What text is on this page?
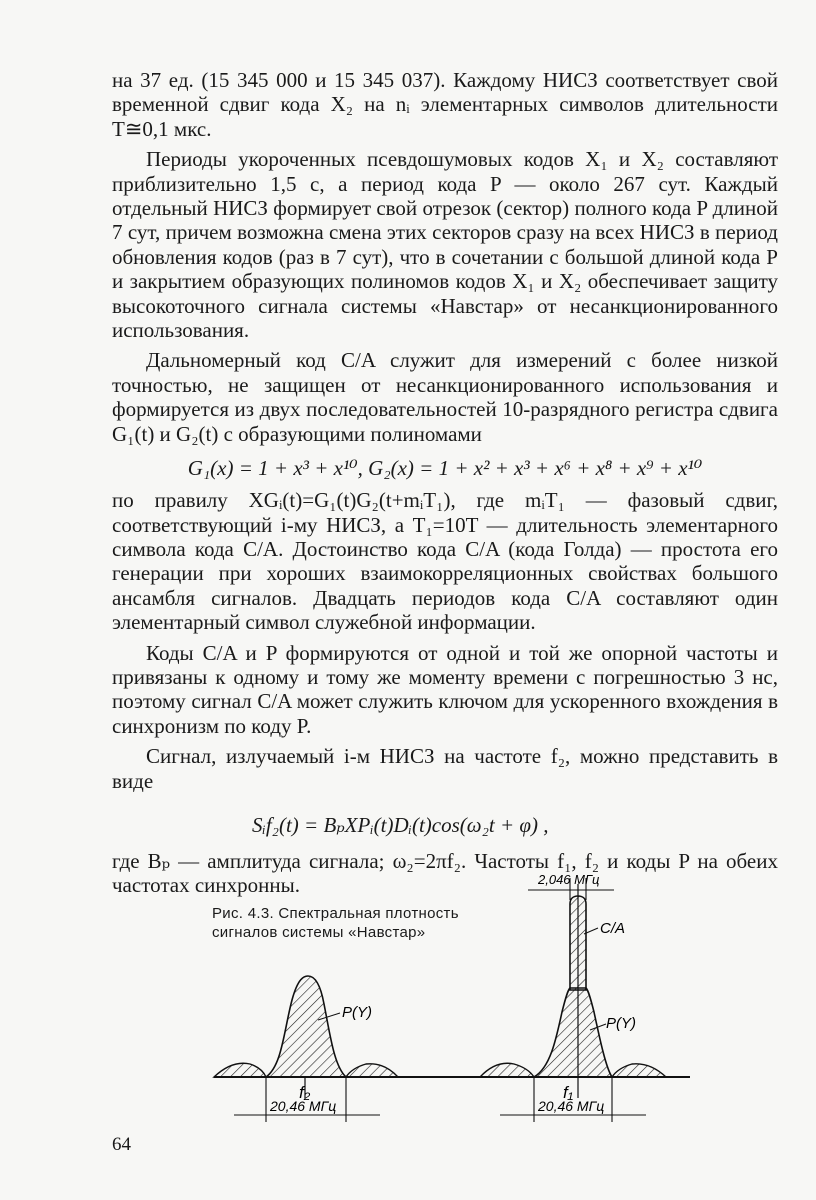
на 37 ед. (15 345 000 и 15 345 037). Каждому НИСЗ соответствует свой временной сдвиг кода X₂ на nᵢ элементарных символов длительности T≅0,1 мкс.

Периоды укороченных псевдошумовых кодов X₁ и X₂ составляют приблизительно 1,5 с, а период кода P — около 267 сут. Каждый отдельный НИСЗ формирует свой отрезок (сектор) полного кода P длиной 7 сут, причем возможна смена этих секторов сразу на всех НИСЗ в период обновления кодов (раз в 7 сут), что в сочетании с большой длиной кода P и закрытием образующих полиномов кодов X₁ и X₂ обеспечивает защиту высокоточного сигнала системы «Навстар» от несанкционированного использования.

Дальномерный код C/A служит для измерений с более низкой точностью, не защищен от несанкционированного использования и формируется из двух последовательностей 10-разрядного регистра сдвига G₁(t) и G₂(t) с образующими полиномами

G₁(x) = 1 + x³ + x¹⁰, G₂(x) = 1 + x² + x³ + x⁶ + x⁸ + x⁹ + x¹⁰

по правилу XGᵢ(t)=G₁(t)G₂(t+mᵢT₁), где mᵢT₁ — фазовый сдвиг, соответствующий i-му НИСЗ, а T₁=10T — длительность элементарного символа кода C/A. Достоинство кода C/A (кода Голда) — простота его генерации при хороших взаимокорреляционных свойствах большого ансамбля сигналов. Двадцать периодов кода C/A составляют один элементарный символ служебной информации.

Коды C/A и P формируются от одной и той же опорной частоты и привязаны к одному и тому же моменту времени с погрешностью 3 нс, поэтому сигнал C/A может служить ключом для ускоренного вхождения в синхронизм по коду P.

Сигнал, излучаемый i-м НИСЗ на частоте f₂, можно представить в виде

Sᵢf₂(t) = BₚXPᵢ(t)Dᵢ(t)cos(ω₂t + φ) ,

где Bₚ — амплитуда сигнала; ω₂=2πf₂. Частоты f₁, f₂ и коды P на обеих частотах синхронны.

Рис. 4.3. Спектральная плотность сигналов системы «Навстар»
P(Y)
P(Y)
C/A
2,046 МГц
f₂	f₁
20,46 МГц	20,46 МГц
64
